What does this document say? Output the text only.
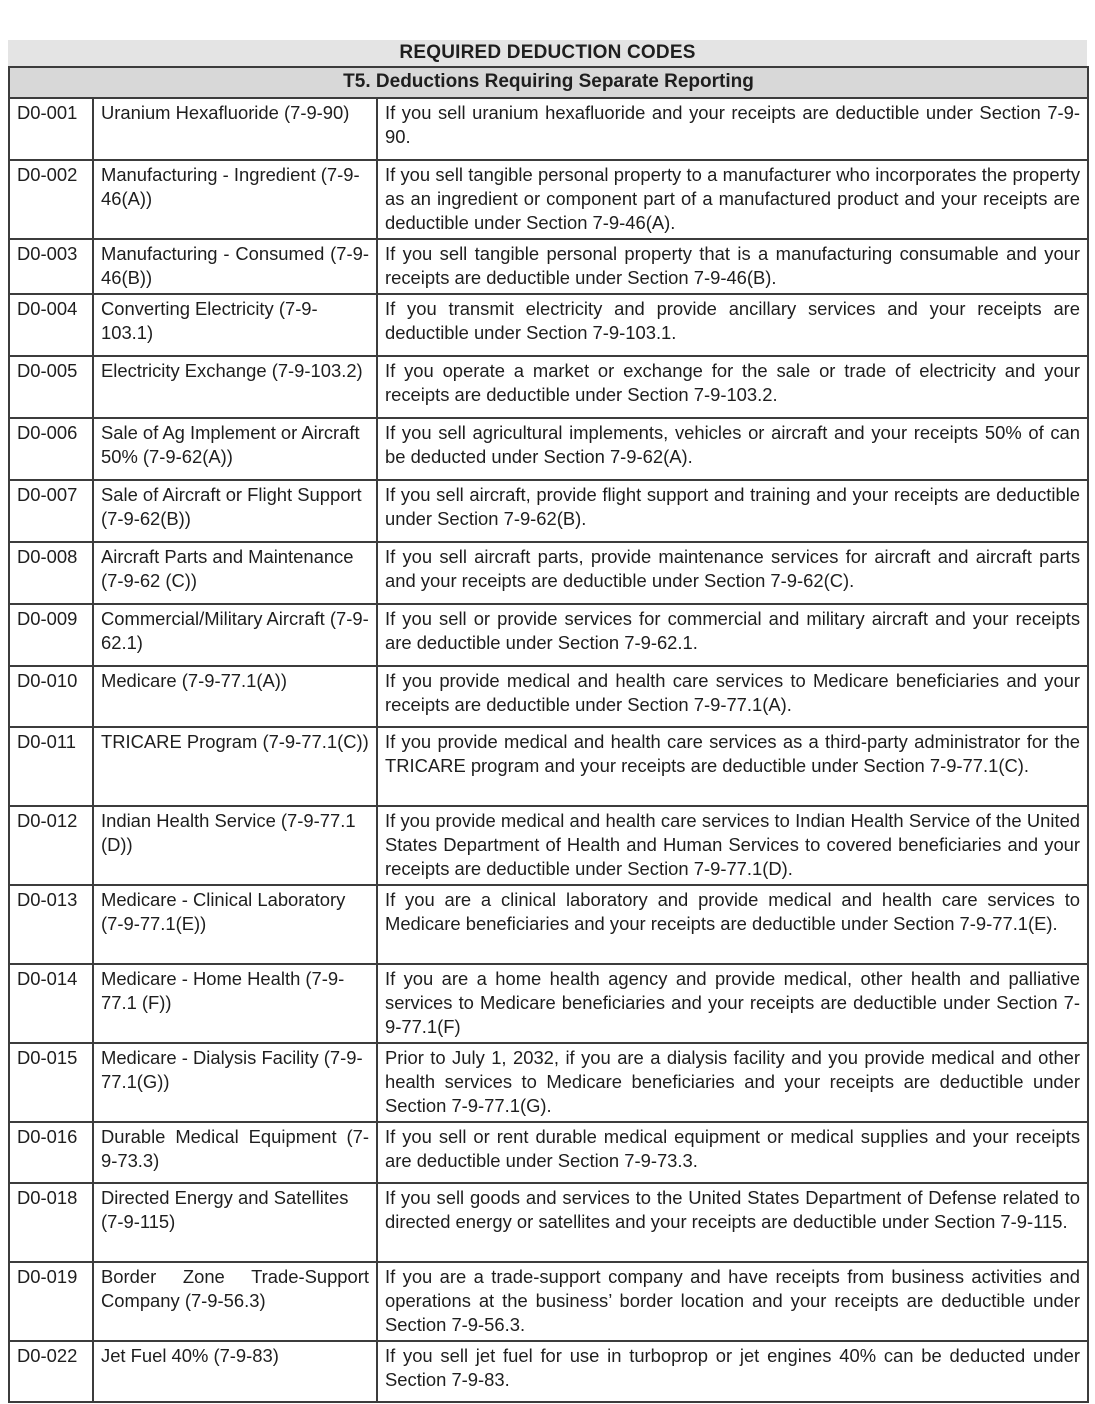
REQUIRED DEDUCTION CODES
T5. Deductions Requiring Separate Reporting		
D0-001	Uranium Hexafluoride (7-9-90)	If you sell uranium hexafluoride and your receipts are deductible under Section 7-9-90.
D0-002	Manufacturing - Ingredient (7-9-46(A))	If you sell tangible personal property to a manufacturer who incorporates the property as an ingredient or component part of a manufactured product and your receipts are deductible under Section 7-9-46(A).
D0-003	Manufacturing - Consumed (7-9-46(B))	If you sell tangible personal property that is a manufacturing consumable and your receipts are deductible under Section 7-9-46(B).
D0-004	Converting Electricity (7-9-103.1)	If you transmit electricity and provide ancillary services and your receipts are deductible under Section 7-9-103.1.
D0-005	Electricity Exchange (7-9-103.2)	If you operate a market or exchange for the sale or trade of electricity and your receipts are deductible under Section 7-9-103.2.
D0-006	Sale of Ag Implement or Aircraft 50% (7-9-62(A))	If you sell agricultural implements, vehicles or aircraft and your receipts 50% of can be deducted under Section 7-9-62(A).
D0-007	Sale of Aircraft or Flight Support (7-9-62(B))	If you sell aircraft, provide flight support and training and your receipts are deductible under Section 7-9-62(B).
D0-008	Aircraft Parts and Maintenance (7-9-62 (C))	If you sell aircraft parts, provide maintenance services for aircraft and aircraft parts and your receipts are deductible under Section 7-9-62(C).
D0-009	Commercial/Military Aircraft (7-9-62.1)	If you sell or provide services for commercial and military aircraft and your receipts are deductible under Section 7-9-62.1.
D0-010	Medicare (7-9-77.1(A))	If you provide medical and health care services to Medicare beneficiaries and your receipts are deductible under Section 7-9-77.1(A).
D0-011	TRICARE Program (7-9-77.1(C))	If you provide medical and health care services as a third-party administrator for the TRICARE program and your receipts are deductible under Section 7-9-77.1(C).
D0-012	Indian Health Service (7-9-77.1 (D))	If you provide medical and health care services to Indian Health Service of the United States Department of Health and Human Services to covered beneficiaries and your receipts are deductible under Section 7-9-77.1(D).
D0-013	Medicare - Clinical Laboratory (7-9-77.1(E))	If you are a clinical laboratory and provide medical and health care services to Medicare beneficiaries and your receipts are deductible under Section 7-9-77.1(E).
D0-014	Medicare - Home Health (7-9-77.1 (F))	If you are a home health agency and provide medical, other health and palliative services to Medicare beneficiaries and your receipts are deductible under Section 7-9-77.1(F)
D0-015	Medicare - Dialysis Facility (7-9-77.1(G))	Prior to July 1, 2032, if you are a dialysis facility and you provide medical and other health services to Medicare beneficiaries and your receipts are deductible under Section 7-9-77.1(G).
D0-016	Durable Medical Equipment (7-9-73.3)	If you sell or rent durable medical equipment or medical supplies and your receipts are deductible under Section 7-9-73.3.
D0-018	Directed Energy and Satellites (7-9-115)	If you sell goods and services to the United States Department of Defense related to directed energy or satellites and your receipts are deductible under Section 7-9-115.
D0-019	Border Zone Trade-Support Company (7-9-56.3)	If you are a trade-support company and have receipts from business activities and operations at the business’ border location and your receipts are deductible under Section 7-9-56.3.
D0-022	Jet Fuel 40% (7-9-83)	If you sell jet fuel for use in turboprop or jet engines 40% can be deducted under Section 7-9-83.
